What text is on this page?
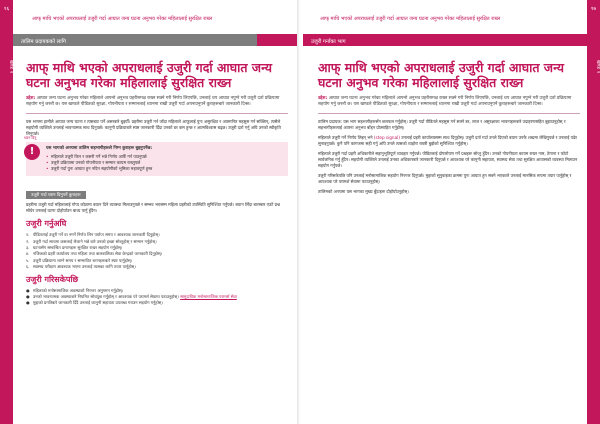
१६
खण्ड २
आफ् माथि भएको अपराधलाई उजुरी गर्दा आघात जन्य घटना अनुभव गरेका महिलालाई सुरक्षित राख्न
तालिम प्रदायकको लागि
आफ् माथि भएको अपराधलाई उजुरी गर्दा आघात जन्य घटना अनुभव गरेका महिलालाई सुरक्षित राख्न
उद्देश: आघात जन्य घटना अनुभव गरेका महिलाले आफ्नो अनुभव प्रहरीसमक्ष राख्न सक्ने गरी निर्णय लिएपछि, उनलाई थप आघात नपुग्ने गरी उजुरी दर्ता प्रक्रियामा सहयोग गर्नु जरुरी छ। यस खण्डले पीडितको सुरक्षा, गोपनीयता र सम्मानलाई ध्यानमा राखी उजुरी गर्दा अपनाउनुपर्ने कुराहरूबारे जानकारी दिन्छ।
यस भागमा हामीले आघात जन्य घटना र त्यसबाट पर्ने असरबारे बुझ्यौँ। प्रहरीमा उजुरी गर्न जाँदा महिलाले आफूलाई पुनः असुरक्षित र अपमानित महसुस गर्न सक्छिन्, त्यसैले सहयोगी व्यक्तिले उनलाई भावनात्मक साथ दिनुपर्छ। कानुनी प्रक्रियाबारे स्पष्ट जानकारी दिँदा उनको डर कम हुन्छ र आत्मविश्वास बढ्छ। उजुरी दर्ता गर्नु अघि उनको स्वीकृति लिनुपर्छ।
ध्यान दिनु
!	यस भागको अन्त्यमा तालिम सहभागीहरूले निम्न कुराहरू बुझ्नुपर्नेछ:
• महिलाले उजुरी किन र कसरी गर्ने भन्ने निर्णय आफैँ गर्न पाउनुपर्छ
• उजुरी प्रक्रियामा उनको गोपनीयता र सम्मान कायम राख्नुपर्छ
• उजुरी गर्दा पुनः आघात हुन नदिन सहयोगीको भूमिका महत्वपूर्ण हुन्छ
उजुरी गर्दा ध्यान दिनुपर्ने कुराहरू
प्रहरीमा उजुरी गर्दा महिलालाई गोप्य कोठामा बयान दिने व्यवस्था मिलाउनुपर्छ र सम्भव भएसम्म महिला प्रहरीको उपस्थिति सुनिश्चित गर्नुपर्छ। बयान लिँदा बारम्बार एउटै प्रश्न सोधेर उनलाई घटना दोहोर्याउन बाध्य पार्नु हुँदैन।
उजुरी गर्नुअघि
१. पीडितलाई उजुरी गर्ने वा नगर्ने निर्णय लिन पर्याप्त समय र आवश्यक जानकारी दिनुहोस्।
२. उजुरी गर्दा साथमा कसलाई लैजाने भन्ने बारे उनको इच्छा सोध्नुहोस् र सम्मान गर्नुहोस्।
३. घटनासँग सम्बन्धित प्रमाणहरू सुरक्षित राख्न सहयोग गर्नुहोस्।
४. नजिकको प्रहरी कार्यालय तथा महिला तथा बालबालिका सेवा केन्द्रको जानकारी दिनुहोस्।
५. उजुरी प्रक्रियामा लाग्ने समय र सम्भावित चरणहरूबारे स्पष्ट पार्नुहोस्।
६. स्वास्थ्य परीक्षण आवश्यक भएमा उनलाई त्यसका लागि तयार पार्नुहोस्।
उजुरी गरिसकेपछि
● महिलाको मनोसामाजिक अवस्थाको निरन्तर अनुगमन गर्नुहोस्।
● उनको भावनात्मक अवस्थाबारे नियमित सोधपुछ गर्नुहोस् र आवश्यक परे परामर्श सेवामा पठाउनुहोस्। सामुदायिक मनोसामाजिक परामर्श सेवा
● मुद्दाको प्रगतिबारे जानकारी दिँदै उनलाई कानुनी सहायता उपलब्ध गराउन सहयोग गर्नुहोस्।
१७
खण्ड २
आफ् माथि भएको अपराधलाई उजुरी गर्दा आघात जन्य घटना अनुभव गरेका महिलालाई सुरक्षित राख्न
उजुरी गर्नाका भाग
आफ् माथि भएको अपराधलाई उजुरी गर्दा आघात जन्य घटना अनुभव गरेका महिलालाई सुरक्षित राख्न
उद्देश: आघात जन्य घटना अनुभव गरेका महिलाले आफ्नो अनुभव प्रहरीसमक्ष राख्न सक्ने गरी निर्णय लिएपछि, उनलाई थप आघात नपुग्ने गरी उजुरी दर्ता प्रक्रियामा सहयोग गर्नु जरुरी छ। यस खण्डले पीडितको सुरक्षा, गोपनीयता र सम्मानलाई ध्यानमा राखी उजुरी गर्दा अपनाउनुपर्ने कुराहरूबारे जानकारी दिन्छ।
तालिम प्रदायक: यस भाग सहभागीहरूसँग छलफल गर्नुहोस्। उजुरी गर्दा पीडितले महसुस गर्न सक्ने डर, लाज र असुरक्षाका भावनाहरूबारे उदाहरणसहित बुझाउनुहोस् र सहभागीहरूलाई आफ्ना अनुभव बाँड्न प्रोत्साहित गर्नुहोस्।
महिलाले उजुरी गर्ने निर्णय लिइन् भने (step signal) उनलाई प्रहरी कार्यालयसम्म साथ दिनुहोस्। उजुरी दर्ता गर्दा उनले दिएको बयान उनकै शब्दमा लेखिनुपर्छ र उनलाई पढेर सुनाइनुपर्छ। कुनै पनि कागजमा सही गर्नु अघि उनले त्यसको व्यहोरा राम्ररी बुझेको सुनिश्चित गर्नुहोस्।
महिलाले उजुरी गर्दा प्रहरी अधिकारीले सहानुभूतिपूर्ण व्यवहार गर्नुपर्छ। पीडितलाई दोषारोपण गर्ने प्रश्नहरू सोध्नु हुँदैन। उनको गोपनीयता कायम राख्न नाम, ठेगाना र फोटो सार्वजनिक गर्नु हुँदैन। सहयोगी व्यक्तिले उनलाई उनका अधिकारबारे जानकारी दिनुपर्छ र आवश्यक परे कानुनी सहायता, स्वास्थ्य सेवा तथा सुरक्षित आवासको व्यवस्था मिलाउन सहयोग गर्नुपर्छ।
उजुरी गरिसकेपछि पनि उनलाई मनोसामाजिक सहयोग निरन्तर दिनुपर्छ। मुद्दाको सुनुवाइका क्रममा पुनः आघात हुन सक्ने भएकाले उनलाई मानसिक रूपमा तयार पार्नुहोस् र आवश्यक परे परामर्श सेवामा पठाउनुहोस्।
तालिमको अन्त्यमा यस भागका मुख्य बुँदाहरू दोहोर्याउनुहोस्।
